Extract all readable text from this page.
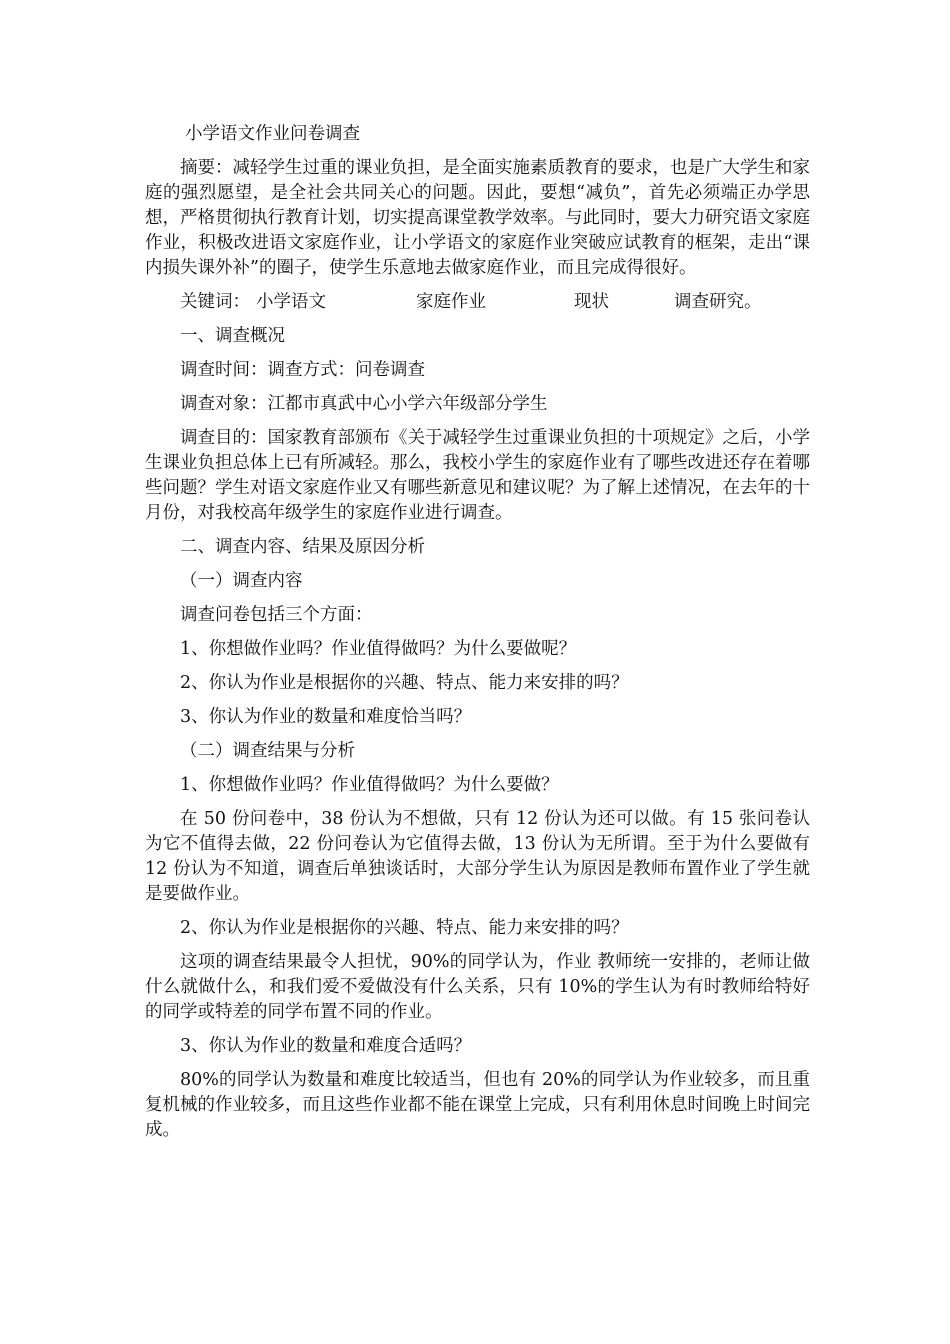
小学语文作业问卷调查

摘要：减轻学生过重的课业负担，是全面实施素质教育的要求，也是广大学生和家庭的强烈愿望，是全社会共同关心的问题。因此，要想“减负”，首先必须端正办学思想，严格贯彻执行教育计划，切实提高课堂教学效率。与此同时，要大力研究语文家庭作业，积极改进语文家庭作业，让小学语文的家庭作业突破应试教育的框架，走出“课内损失课外补”的圈子，使学生乐意地去做家庭作业，而且完成得很好。

关键词： 小学语文	家庭作业	现状	调查研究。

一、调查概况

调查时间：调查方式：问卷调查

调查对象：江都市真武中心小学六年级部分学生

调查目的：国家教育部颁布《关于减轻学生过重课业负担的十项规定》之后，小学生课业负担总体上已有所减轻。那么，我校小学生的家庭作业有了哪些改进还存在着哪些问题？学生对语文家庭作业又有哪些新意见和建议呢？为了解上述情况，在去年的十月份，对我校高年级学生的家庭作业进行调查。

二、调查内容、结果及原因分析

（一）调查内容

调查问卷包括三个方面：

1、你想做作业吗？作业值得做吗？为什么要做呢？

2、你认为作业是根据你的兴趣、特点、能力来安排的吗？

3、你认为作业的数量和难度恰当吗？

（二）调查结果与分析

1、你想做作业吗？作业值得做吗？为什么要做？

在 50 份问卷中，38 份认为不想做，只有 12 份认为还可以做。有 15 张问卷认为它不值得去做，22 份问卷认为它值得去做，13 份认为无所谓。至于为什么要做有 12 份认为不知道，调查后单独谈话时，大部分学生认为原因是教师布置作业了学生就是要做作业。

2、你认为作业是根据你的兴趣、特点、能力来安排的吗？

这项的调查结果最令人担忧，90%的同学认为，作业 教师统一安排的，老师让做什么就做什么，和我们爱不爱做没有什么关系，只有 10%的学生认为有时教师给特好的同学或特差的同学布置不同的作业。

3、你认为作业的数量和难度合适吗？

80%的同学认为数量和难度比较适当，但也有 20%的同学认为作业较多，而且重复机械的作业较多，而且这些作业都不能在课堂上完成，只有利用休息时间晚上时间完成。
